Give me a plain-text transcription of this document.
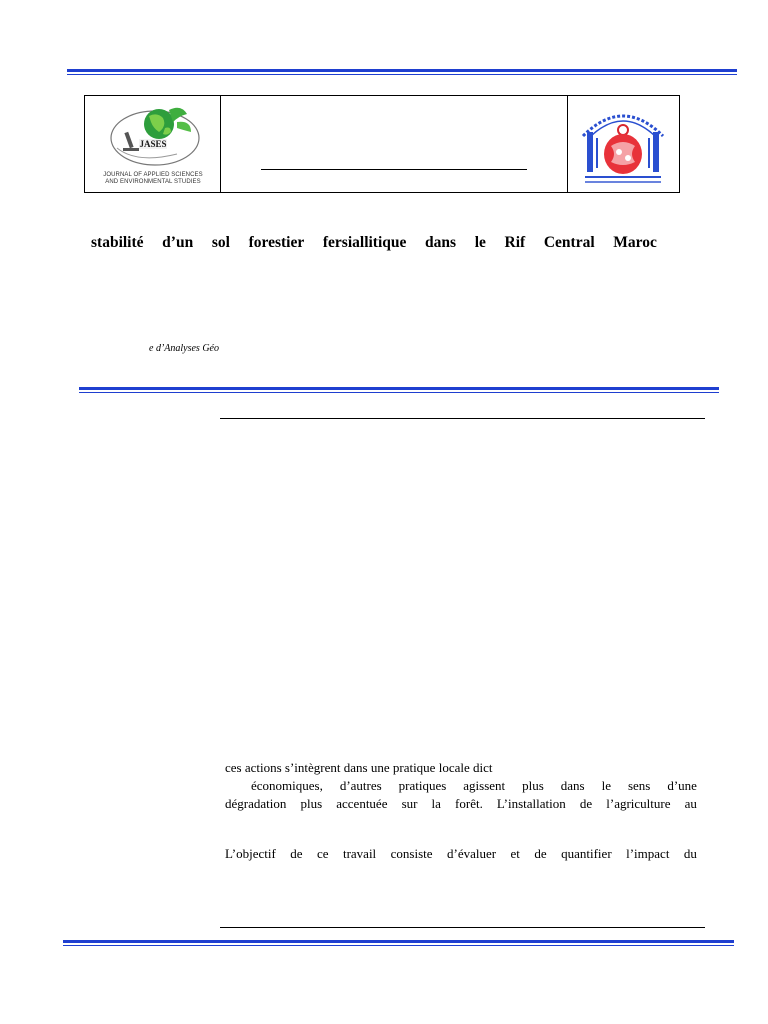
JASES
JOURNAL OF APPLIED SCIENCES
AND ENVIRONMENTAL STUDIES
stabilité d’un sol forestier fersiallitique dans le Rif Central Maroc
e d’Analyses Géo

ces actions s’intègrent dans une pratique locale dict

économiques, d’autres pratiques agissent plus dans le sens d’une
dégradation plus accentuée sur la forêt. L’installation de l’agriculture au
L’objectif de ce travail consiste d’évaluer et de quantifier l’impact du
